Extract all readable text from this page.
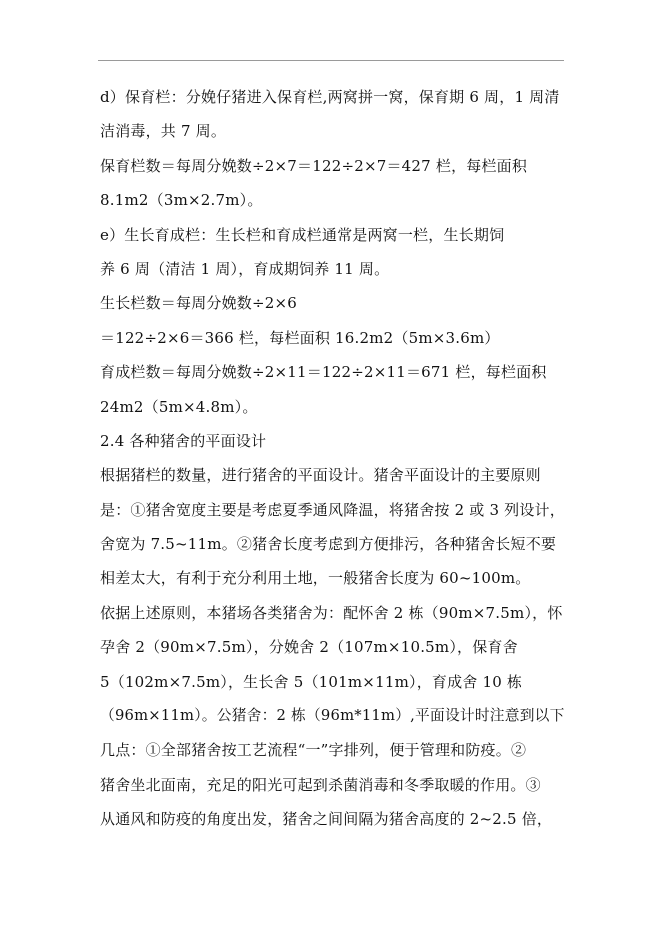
d）保育栏：分娩仔猪进入保育栏,两窝拼一窝，保育期 6 周，1 周清
洁消毒，共 7 周。
保育栏数＝每周分娩数÷2×7＝122÷2×7＝427 栏，每栏面积
8.1m2（3m×2.7m）。
e）生长育成栏：生长栏和育成栏通常是两窝一栏，生长期饲
养 6 周（清洁 1 周），育成期饲养 11 周。
生长栏数＝每周分娩数÷2×6
＝122÷2×6＝366 栏，每栏面积 16.2m2（5m×3.6m）
育成栏数＝每周分娩数÷2×11＝122÷2×11＝671 栏，每栏面积
24m2（5m×4.8m）。
2.4 各种猪舍的平面设计
根据猪栏的数量，进行猪舍的平面设计。猪舍平面设计的主要原则
是：①猪舍宽度主要是考虑夏季通风降温，将猪舍按 2 或 3 列设计，
舍宽为 7.5~11m。②猪舍长度考虑到方便排污，各种猪舍长短不要
相差太大，有利于充分利用土地，一般猪舍长度为 60~100m。
依据上述原则，本猪场各类猪舍为：配怀舍 2 栋（90m×7.5m），怀
孕舍 2（90m×7.5m），分娩舍 2（107m×10.5m），保育舍
5（102m×7.5m），生长舍 5（101m×11m），育成舍 10 栋
（96m×11m）。公猪舍：2 栋（96m*11m）,平面设计时注意到以下
几点：①全部猪舍按工艺流程“一”字排列，便于管理和防疫。②
猪舍坐北面南，充足的阳光可起到杀菌消毒和冬季取暖的作用。③
从通风和防疫的角度出发，猪舍之间间隔为猪舍高度的 2~2.5 倍，
